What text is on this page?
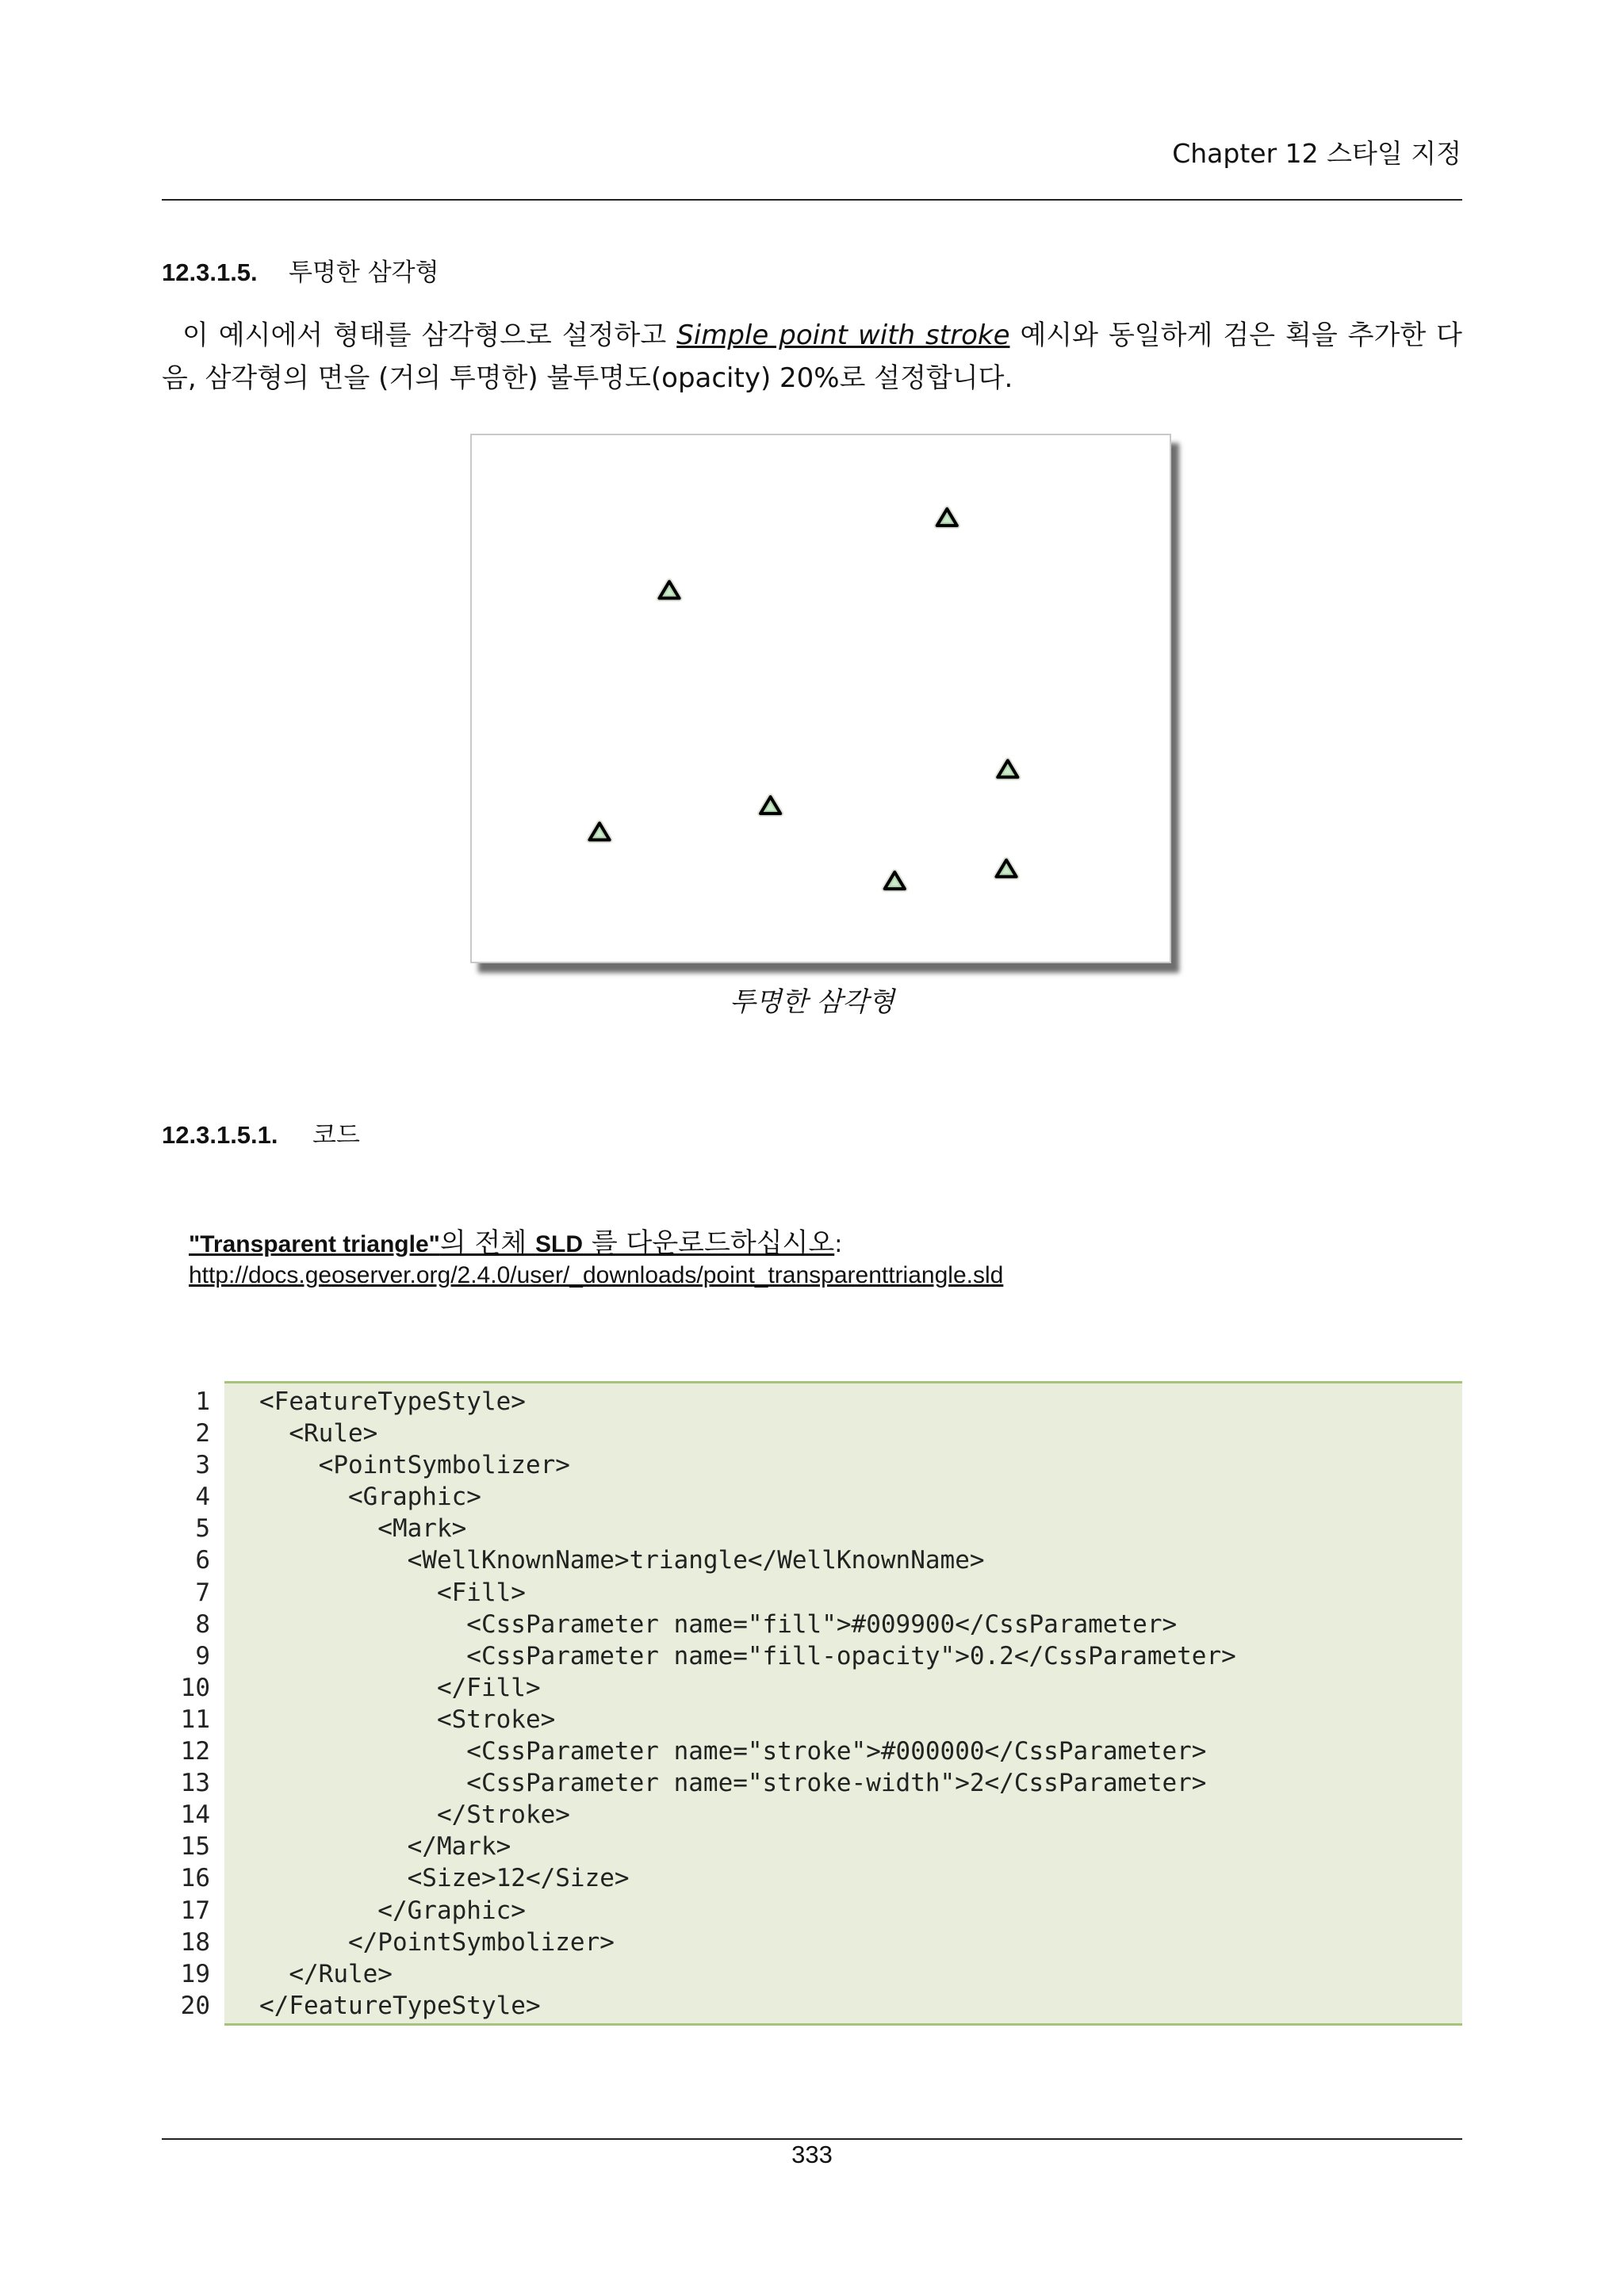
Chapter 12 스타일 지정
12.3.1.5. 투명한 삼각형
이 예시에서 형태를 삼각형으로 설정하고 Simple point with stroke 예시와 동일하게 검은 획을 추가한 다음, 삼각형의 면을 (거의 투명한) 불투명도(opacity) 20%로 설정합니다.
투명한 삼각형
12.3.1.5.1. 코드
"Transparent triangle"의 전체 SLD 를 다운로드하십시오:
http://docs.geoserver.org/2.4.0/user/_downloads/point_transparenttriangle.sld
1
2
3
4
5
6
7
8
9
10
11
12
13
14
15
16
17
18
19
20
<FeatureTypeStyle>
<Rule>
<PointSymbolizer>
<Graphic>
<Mark>
<WellKnownName>triangle</WellKnownName>
<Fill>
<CssParameter name="fill">#009900</CssParameter>
<CssParameter name="fill-opacity">0.2</CssParameter>
</Fill>
<Stroke>
<CssParameter name="stroke">#000000</CssParameter>
<CssParameter name="stroke-width">2</CssParameter>
</Stroke>
</Mark>
<Size>12</Size>
</Graphic>
</PointSymbolizer>
</Rule>
</FeatureTypeStyle>
333
